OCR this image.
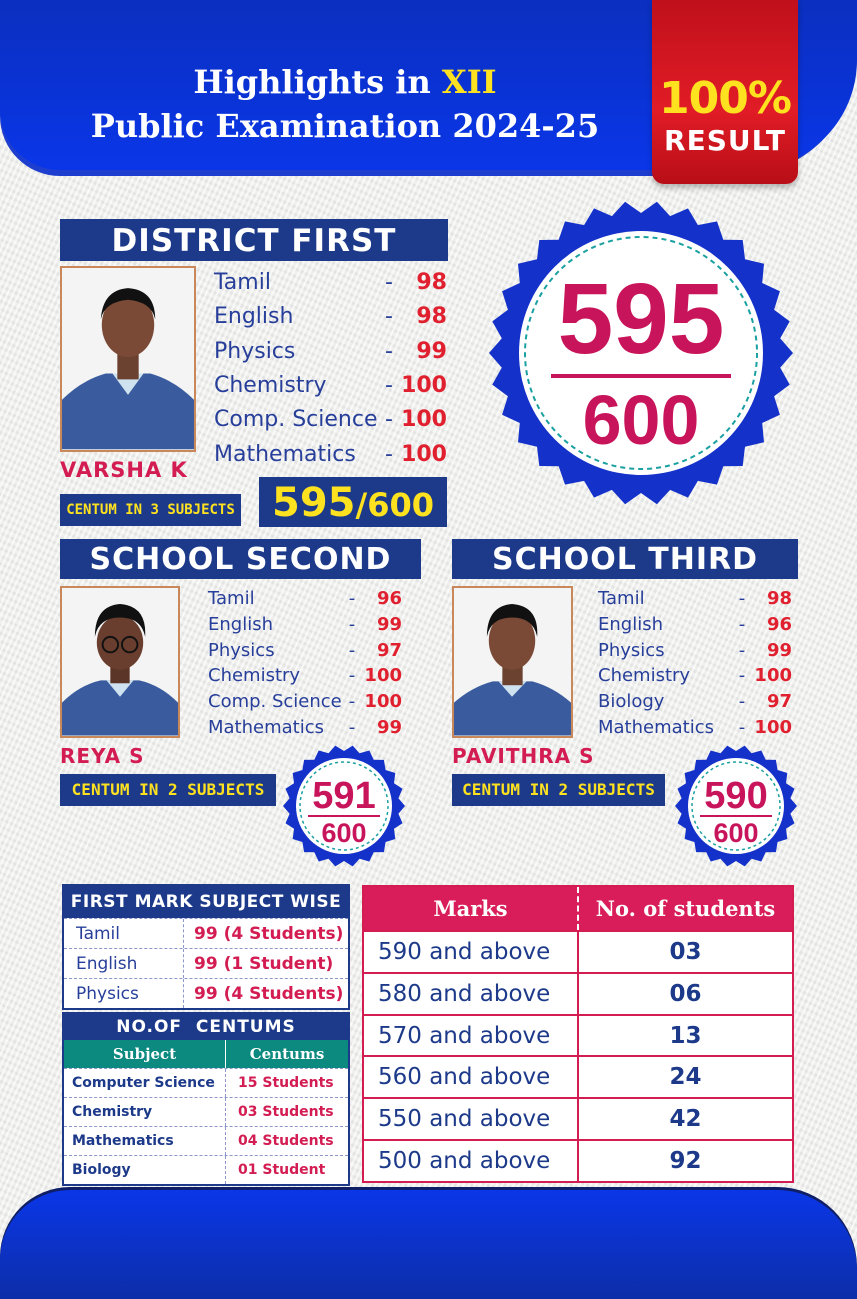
Highlights in XII
Public Examination 2024-25
100%
RESULT
DISTRICT FIRST
Tamil	-	98
English	-	98
Physics	-	99
Chemistry	- 100
Comp. Science - 100
Mathematics	- 100
VARSHA K
CENTUM IN 3 SUBJECTS 595/600
595
600
SCHOOL SECOND
Tamil	-	96
English	-	99
Physics	-	97
Chemistry	- 100
Comp. Science - 100
Mathematics	-	99
REYA S
CENTUM IN 2 SUBJECTS	591
600
SCHOOL THIRD
Tamil	-	98
English	-	96
Physics	-	99
Chemistry	- 100
Biology	-	97
Mathematics	- 100
PAVITHRA S
CENTUM IN 2 SUBJECTS 590
600
FIRST MARK SUBJECT WISE
Tamil	99 (4 Students)
English	99 (1 Student)
Physics	99 (4 Students)
NO.OF  CENTUMS
Subject	Centums
Computer Science	15 Students
Chemistry	03 Students
Mathematics	04 Students
Biology	01 Student
Marks	No. of students
590 and above	03
580 and above	06
570 and above	13
560 and above	24
550 and above	42
500 and above	92
